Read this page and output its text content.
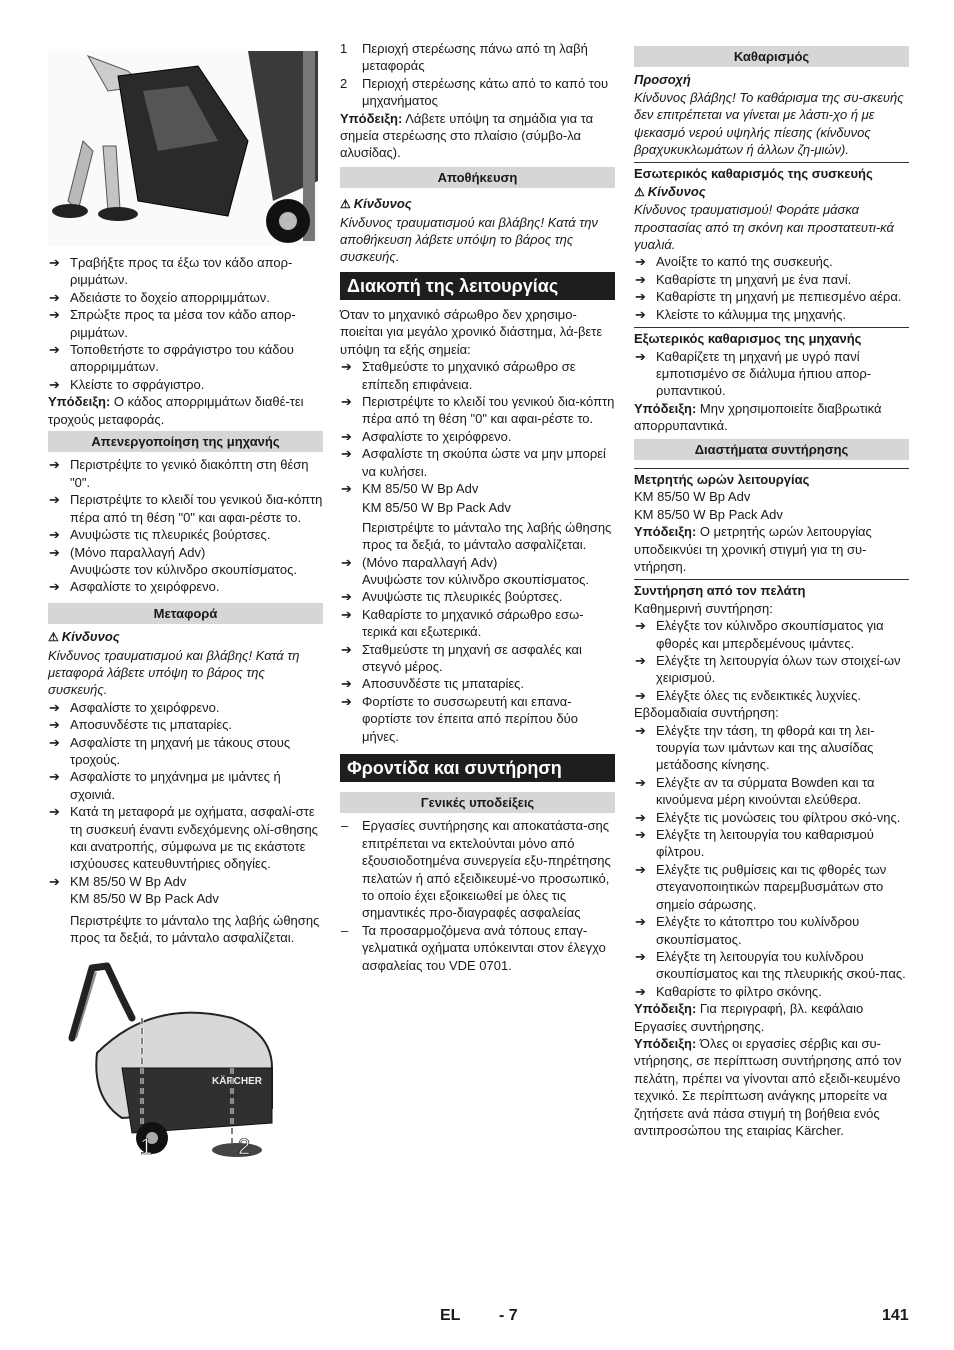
➔ Τραβήξτε προς τα έξω τον κάδο απορ-ριμμάτων.
➔ Αδειάστε το δοχείο απορριμμάτων.
➔ Σπρώξτε προς τα μέσα τον κάδο απορ-ριμμάτων.
➔ Τοποθετήστε το σφράγιστρο του κάδου απορριμμάτων.
➔ Κλείστε το σφράγιστρο.

Υπόδειξη: Ο κάδος απορριμμάτων διαθέ-τει τροχούς μεταφοράς.

Απενεργοποίηση της μηχανής
➔ Περιστρέψτε το γενικό διακόπτη στη θέση "0".
➔ Περιστρέψτε το κλειδί του γενικού δια-κόπτη πέρα από τη θέση "0" και αφαι-ρέστε το.
➔ Ανυψώστε τις πλευρικές βούρτσες.
➔ (Μόνο παραλλαγή Adv)

Ανυψώστε τον κύλινδρο σκουπίσματος.

➔ Ασφαλίστε το χειρόφρενο.
Μεταφορά

⚠ Κίνδυνος

Κίνδυνος τραυματισμού και βλάβης! Κατά τη μεταφορά λάβετε υπόψη το βάρος της συσκευής.

➔ Ασφαλίστε το χειρόφρενο.
➔ Αποσυνδέστε τις μπαταρίες.
➔ Ασφαλίστε τη μηχανή με τάκους στους τροχούς.
➔ Ασφαλίστε το μηχάνημα με ιμάντες ή σχοινιά.
➔ Κατά τη μεταφορά με οχήματα, ασφαλί-στε τη συσκευή έναντι ενδεχόμενης ολί-σθησης και ανατροπής, σύμφωνα με τις εκάστοτε ισχύουσες κατευθυντήριες οδηγίες.
➔ KM 85/50 W Bp Adv

KM 85/50 W Bp Pack Adv

Περιστρέψτε το μάνταλο της λαβής ώθησης προς τα δεξιά, το μάνταλο ασφαλίζεται.

KÄRCHER
1	2
1 Περιοχή στερέωσης πάνω από τη λαβή μεταφοράς
2 Περιοχή στερέωσης κάτω από το καπό του μηχανήματος

Υπόδειξη: Λάβετε υπόψη τα σημάδια για τα σημεία στερέωσης στο πλαίσιο (σύμβο-λα αλυσίδας).

Αποθήκευση

⚠ Κίνδυνος

Κίνδυνος τραυματισμού και βλάβης! Κατά την αποθήκευση λάβετε υπόψη το βάρος της συσκευής.

Διακοπή της λειτουργίας

Όταν το μηχανικό σάρωθρο δεν χρησιμο-ποιείται για μεγάλο χρονικό διάστημα, λά-βετε υπόψη τα εξής σημεία:

➔ Σταθμεύστε το μηχανικό σάρωθρο σε επίπεδη επιφάνεια.
➔ Περιστρέψτε το κλειδί του γενικού δια-κόπτη πέρα από τη θέση "0" και αφαι-ρέστε το.
➔ Ασφαλίστε το χειρόφρενο.
➔ Ασφαλίστε τη σκούπα ώστε να μην μπορεί να κυλήσει.
➔ KM 85/50 W Bp Adv

KM 85/50 W Bp Pack Adv

Περιστρέψτε το μάνταλο της λαβής ώθησης προς τα δεξιά, το μάνταλο ασφαλίζεται.

➔ (Μόνο παραλλαγή Adv)

Ανυψώστε τον κύλινδρο σκουπίσματος.

➔ Ανυψώστε τις πλευρικές βούρτσες.
➔ Καθαρίστε το μηχανικό σάρωθρο εσω-τερικά και εξωτερικά.
➔ Σταθμεύστε τη μηχανή σε ασφαλές και στεγνό μέρος.
➔ Αποσυνδέστε τις μπαταρίες.
➔ Φορτίστε το συσσωρευτή και επανα-φορτίστε τον έπειτα από περίπου δύο μήνες.
Φροντίδα και συντήρηση
Γενικές υποδείξεις
– Εργασίες συντήρησης και αποκατάστα-σης επιτρέπεται να εκτελούνται μόνο από εξουσιοδοτημένα συνεργεία εξυ-πηρέτησης πελατών ή από εξειδικευμέ-νο προσωπικό, το οποίο έχει εξοικειωθεί με όλες τις σημαντικές προ-διαγραφές ασφαλείας
– Τα προσαρμοζόμενα ανά τόπους επαγ-γελματικά οχήματα υπόκεινται στον έλεγχο ασφαλείας του VDE 0701.
Καθαρισμός

Προσοχή

Κίνδυνος βλάβης! Το καθάρισμα της συ-σκευής δεν επιτρέπεται να γίνεται με λάστι-χο ή με ψεκασμό νερού υψηλής πίεσης (κίνδυνος βραχυκυκλωμάτων ή άλλων ζη-μιών).

Εσωτερικός καθαρισμός της συσκευής

⚠ Κίνδυνος

Κίνδυνος τραυματισμού! Φοράτε μάσκα προστασίας από τη σκόνη και προστατευτι-κά γυαλιά.

➔ Ανοίξτε το καπό της συσκευής.
➔ Καθαρίστε τη μηχανή με ένα πανί.
➔ Καθαρίστε τη μηχανή με πεπιεσμένο αέρα.
➔ Κλείστε το κάλυμμα της μηχανής.
Εξωτερικός καθαρισμος της μηχανής
➔ Καθαρίζετε τη μηχανή με υγρό πανί εμποτισμένο σε διάλυμα ήπιου απορ-ρυπαντικού.

Υπόδειξη: Μην χρησιμοποιείτε διαβρωτικά απορρυπαντικά.

Διαστήματα συντήρησης
Μετρητής ωρών λειτουργίας

KM 85/50 W Bp Adv

KM 85/50 W Bp Pack Adv

Υπόδειξη: Ο μετρητής ωρών λειτουργίας υποδεικνύει τη χρονική στιγμή για τη συ-ντήρηση.

Συντήρηση από τον πελάτη

Καθημερινή συντήρηση:

➔ Ελέγξτε τον κύλινδρο σκουπίσματος για φθορές και μπερδεμένους ιμάντες.
➔ Ελέγξτε τη λειτουργία όλων των στοιχεί-ων χειρισμού.
➔ Ελέγξτε όλες τις ενδεικτικές λυχνίες.

Εβδομαδιαία συντήρηση:

➔ Ελέγξτε την τάση, τη φθορά και τη λει-τουργία των ιμάντων και της αλυσίδας μετάδοσης κίνησης.
➔ Ελέγξτε αν τα σύρματα Bowden και τα κινούμενα μέρη κινούνται ελεύθερα.
➔ Ελέγξτε τις μονώσεις του φίλτρου σκό-νης.
➔ Ελέγξτε τη λειτουργία του καθαρισμού φίλτρου.
➔ Ελέγξτε τις ρυθμίσεις και τις φθορές των στεγανοποιητικών παρεμβυσμάτων στο σημείο σάρωσης.
➔ Ελέγξτε το κάτοπτρο του κυλίνδρου σκουπίσματος.
➔ Ελέγξτε τη λειτουργία του κυλίνδρου σκουπίσματος και της πλευρικής σκού-πας.
➔ Καθαρίστε το φίλτρο σκόνης.

Υπόδειξη: Για περιγραφή, βλ. κεφάλαιο Εργασίες συντήρησης.

Υπόδειξη: Όλες οι εργασίες σέρβις και συ-ντήρησης, σε περίπτωση συντήρησης από τον πελάτη, πρέπει να γίνονται από εξειδι-κευμένο τεχνικό. Σε περίπτωση ανάγκης μπορείτε να ζητήσετε ανά πάσα στιγμή τη βοήθεια ενός αντιπροσώπου της εταιρίας Kärcher.

EL - 7	141
